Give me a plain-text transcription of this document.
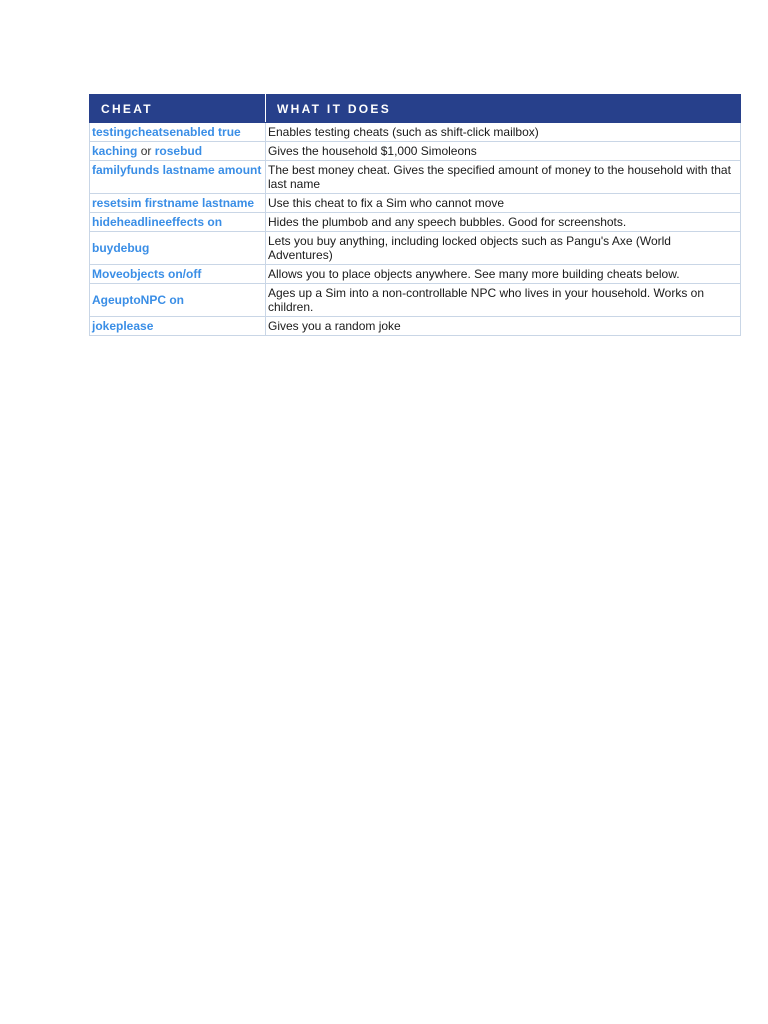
CHEAT	WHAT IT DOES
testingcheatsenabled true	Enables testing cheats (such as shift-click mailbox)
kaching or rosebud	Gives the household $1,000 Simoleons
familyfunds lastname amount	The best money cheat. Gives the specified amount of money to the household with that last name
resetsim firstname lastname	Use this cheat to fix a Sim who cannot move
hideheadlineeffects on	Hides the plumbob and any speech bubbles. Good for screenshots.
buydebug	Lets you buy anything, including locked objects such as Pangu's Axe (World Adventures)
Moveobjects on/off	Allows you to place objects anywhere. See many more building cheats below.
AgeuptoNPC on	Ages up a Sim into a non-controllable NPC who lives in your household. Works on children.
jokeplease	Gives you a random joke
